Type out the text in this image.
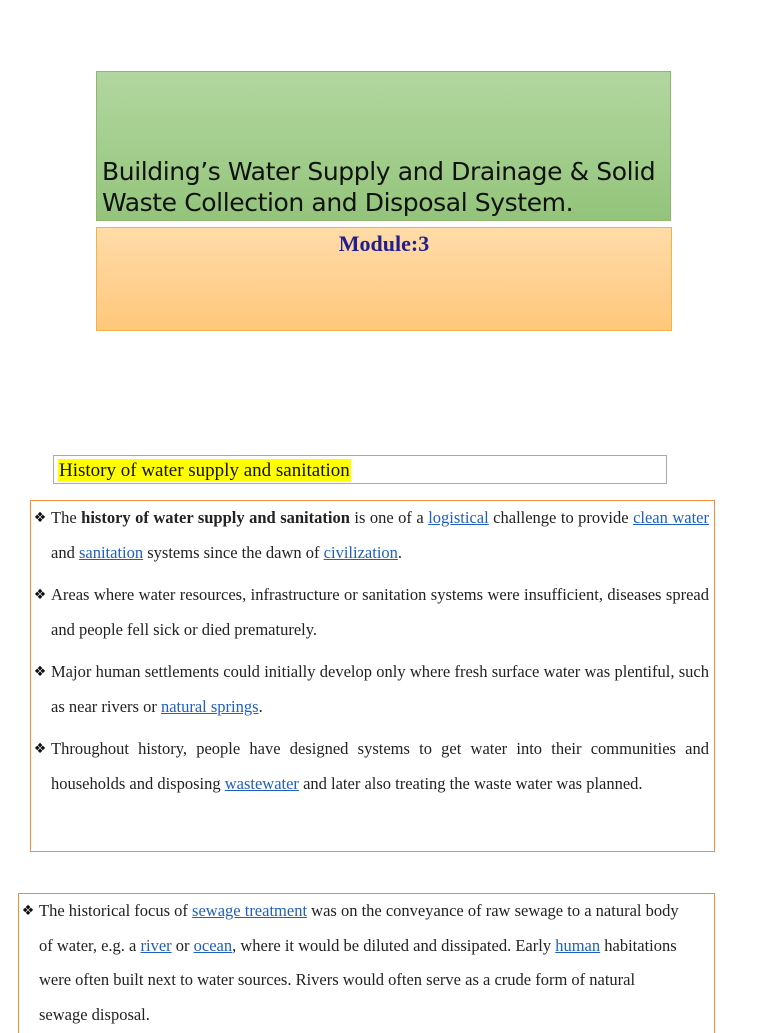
Building’s Water Supply and Drainage & Solid
Waste Collection and Disposal System.

Module:3

History of water supply and sanitation
❖ The history of water supply and sanitation is one of a logistical challenge to provide clean water and sanitation systems since the dawn of civilization.
❖ Areas where water resources, infrastructure or sanitation systems were insufficient, diseases spread and people fell sick or died prematurely.
❖ Major human settlements could initially develop only where fresh surface water was plentiful, such as near rivers or natural springs.
❖ Throughout history, people have designed systems to get water into their communities and households and disposing wastewater and later also treating the waste water was planned.
❖ The historical focus of sewage treatment was on the conveyance of raw sewage to a natural body of water, e.g. a river or ocean, where it would be diluted and dissipated. Early human habitations were often built next to water sources. Rivers would often serve as a crude form of natural sewage disposal.
